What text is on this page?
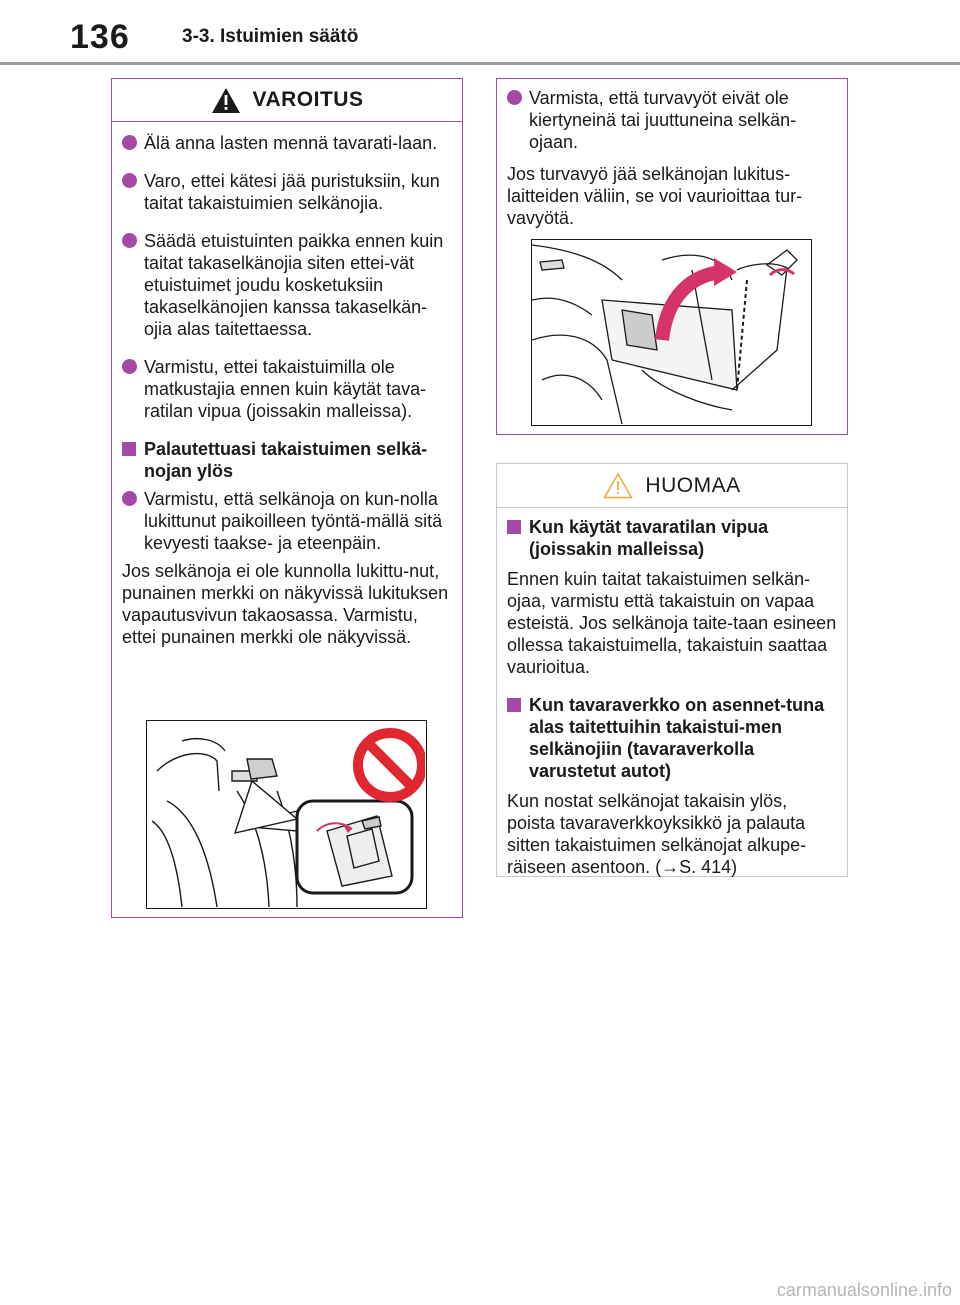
136	3-3. Istuimien säätö
VAROITUS
Älä anna lasten mennä tavarati-laan.
Varo, ettei kätesi jää puristuksiin, kun taitat takaistuimien selkänojia.
Säädä etuistuinten paikka ennen kuin taitat takaselkänojia siten ettei-vät etuistuimet joudu kosketuksiin takaselkänojien kanssa takaselkän-ojia alas taitettaessa.
Varmistu, ettei takaistuimilla ole matkustajia ennen kuin käytät tava-ratilan vipua (joissakin malleissa).
Palautettuasi takaistuimen selkä-nojan ylös
Varmistu, että selkänoja on kun-nolla lukittunut paikoilleen työntä-mällä sitä kevyesti taakse- ja eteenpäin.

Jos selkänoja ei ole kunnolla lukittu-nut, punainen merkki on näkyvissä lukituksen vapautusvivun takaosassa. Varmistu, ettei punainen merkki ole näkyvissä.

Varmista, että turvavyöt eivät ole kiertyneinä tai juuttuneina selkän-ojaan.

Jos turvavyö jää selkänojan lukitus-laitteiden väliin, se voi vaurioittaa tur-vavyötä.

HUOMAA
Kun käytät tavaratilan vipua (joissakin malleissa)

Ennen kuin taitat takaistuimen selkän-ojaa, varmistu että takaistuin on vapaa esteistä. Jos selkänoja taite-taan esineen ollessa takaistuimella, takaistuin saattaa vaurioitua.

Kun tavaraverkko on asennet-tuna alas taitettuihin takaistui-men selkänojiin (tavaraverkolla varustetut autot)

Kun nostat selkänojat takaisin ylös, poista tavaraverkkoyksikkö ja palauta sitten takaistuimen selkänojat alkupe-räiseen asentoon. (→S. 414)

carmanualsonline.info
